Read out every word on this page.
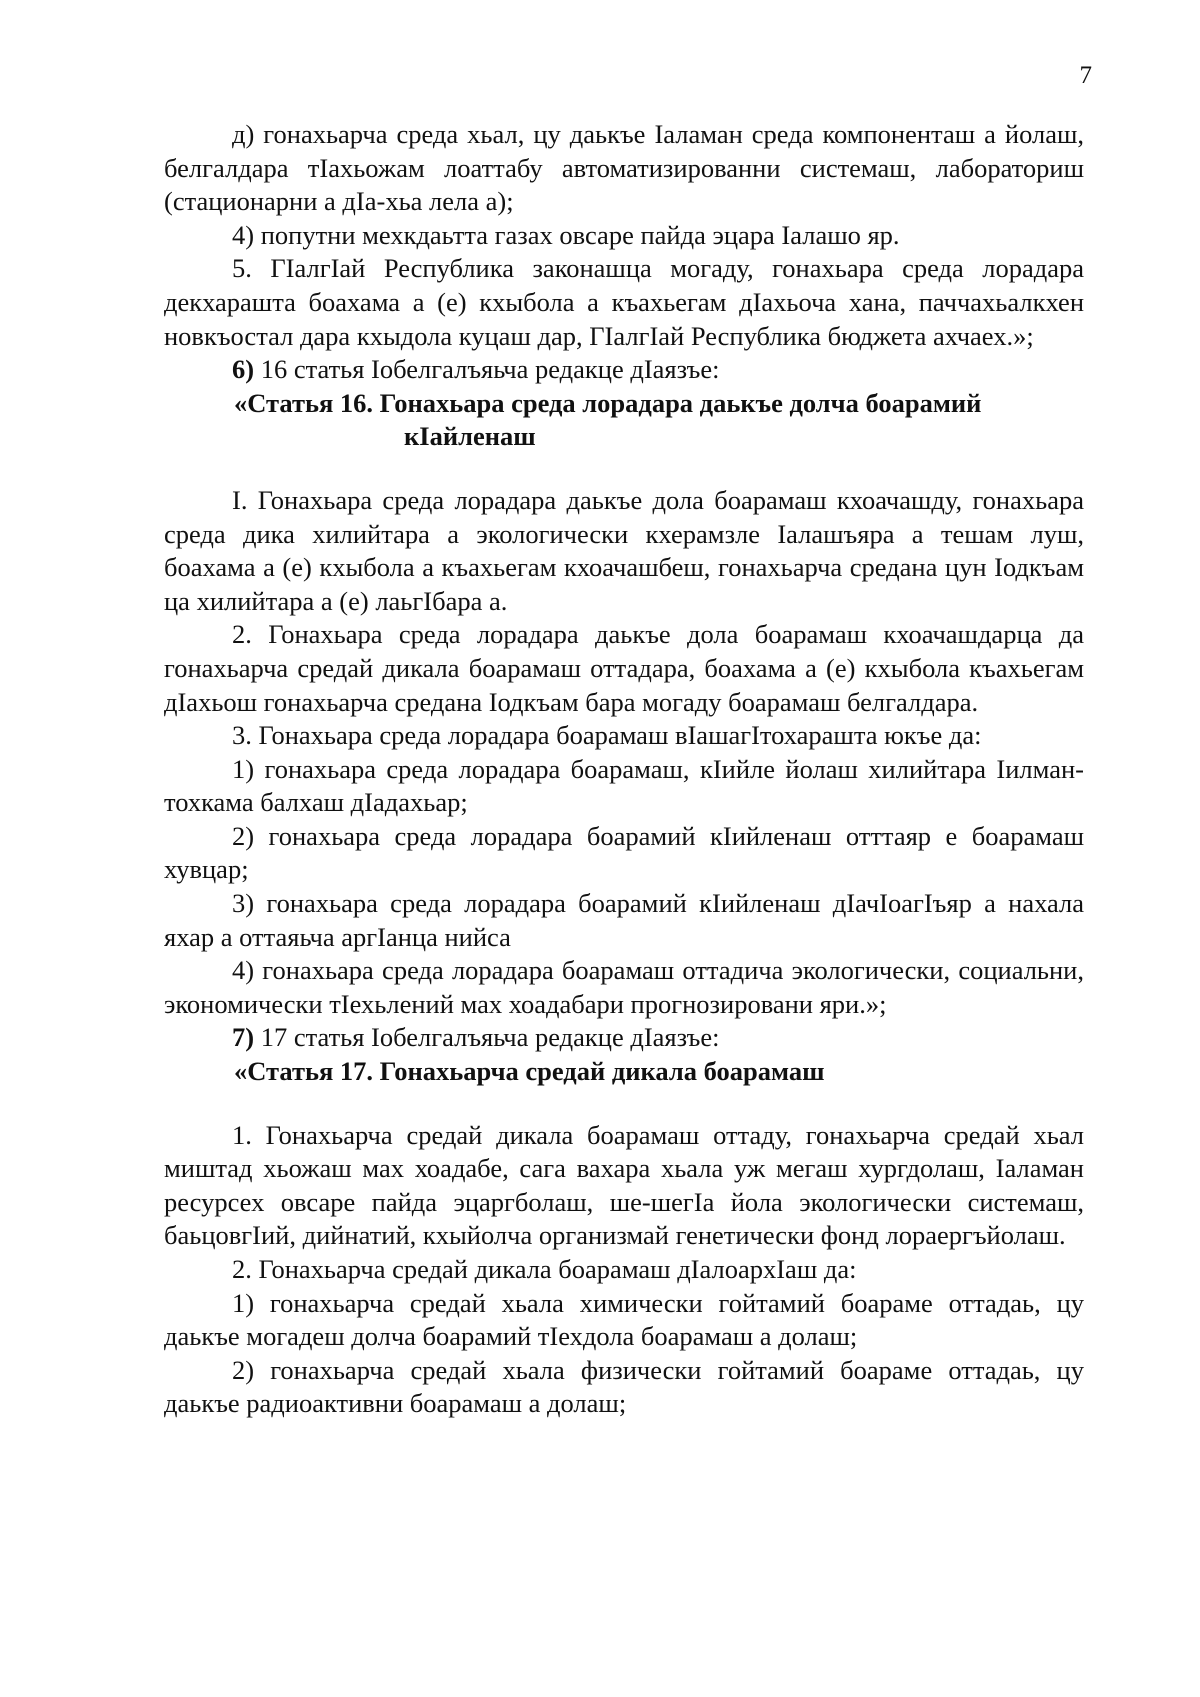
7

д) гонахьарча среда хьал, цу даькъе Iаламан среда компоненташ а йолаш, белгалдара тIахьожам лоаттабу автоматизированни системаш, лабораториш (стационарни а дIа-хьа лела а);

4) попутни мехкдаьтта газах овсаре пайда эцара Iалашо яр.

5. ГIалгIай Республика законашца могаду, гонахьара среда лорадара декхарашта боахама а (е) кхыбола а къахьегам дIахьоча хана, паччахьалкхен новкъостал дара кхыдола куцаш дар, ГIалгIай Республика бюджета ахчаех.»;

6) 16 статья Iобелгалъяьча редакце дIаязъе:

«Статья 16. Гонахьара среда лорадара даькъе долча боарамий
кIайленаш

I. Гонахьара среда лорадара даькъе дола боарамаш кхоачашду, гонахьара среда дика хилийтара а экологически кхерамзле Iалашъяра а тешам луш, боахама а (е) кхыбола а къахьегам кхоачашбеш, гонахьарча средана цун Iодкъам ца хилийтара а (е) лаьгIбара а.

2. Гонахьара среда лорадара даькъе дола боарамаш кхоачашдарца да гонахьарча средай дикала боарамаш оттадара, боахама а (е) кхыбола къахьегам дIахьош гонахьарча средана Iодкъам бара могаду боарамаш белгалдара.

3. Гонахьара среда лорадара боарамаш вIашагIтохарашта юкъе да:

1) гонахьара среда лорадара боарамаш, кIийле йолаш хилийтара Iилман-тохкама балхаш дIадахьар;

2) гонахьара среда лорадара боарамий кIийленаш отттаяр е боарамаш хувцар;

3) гонахьара среда лорадара боарамий кIийленаш дIачIоагIъяр а нахала яхар а оттаяьча аргIанца нийса

4) гонахьара среда лорадара боарамаш оттадича экологически, социальни, экономически тIехьлений мах хоадабари прогнозировани яри.»;

7) 17 статья Iобелгалъяьча редакце дIаязъе:

«Статья 17. Гонахьарча средай дикала боарамаш

1. Гонахьарча средай дикала боарамаш оттаду, гонахьарча средай хьал миштад хьожаш мах хоадабе, сага вахара хьала уж мегаш хургдолаш, Iаламан ресурсех овсаре пайда эцаргболаш, ше-шегIа йола экологически системаш, баьцовгIий, дийнатий, кхыйолча организмай генетически фонд лораергъйолаш.

2. Гонахьарча средай дикала боарамаш дIалоархIаш да:

1) гонахьарча средай хьала химически гойтамий боараме оттадаь, цу даькъе могадеш долча боарамий тIехдола боарамаш а долаш;

2) гонахьарча средай хьала физически гойтамий боараме оттадаь, цу даькъе радиоактивни боарамаш а долаш;
